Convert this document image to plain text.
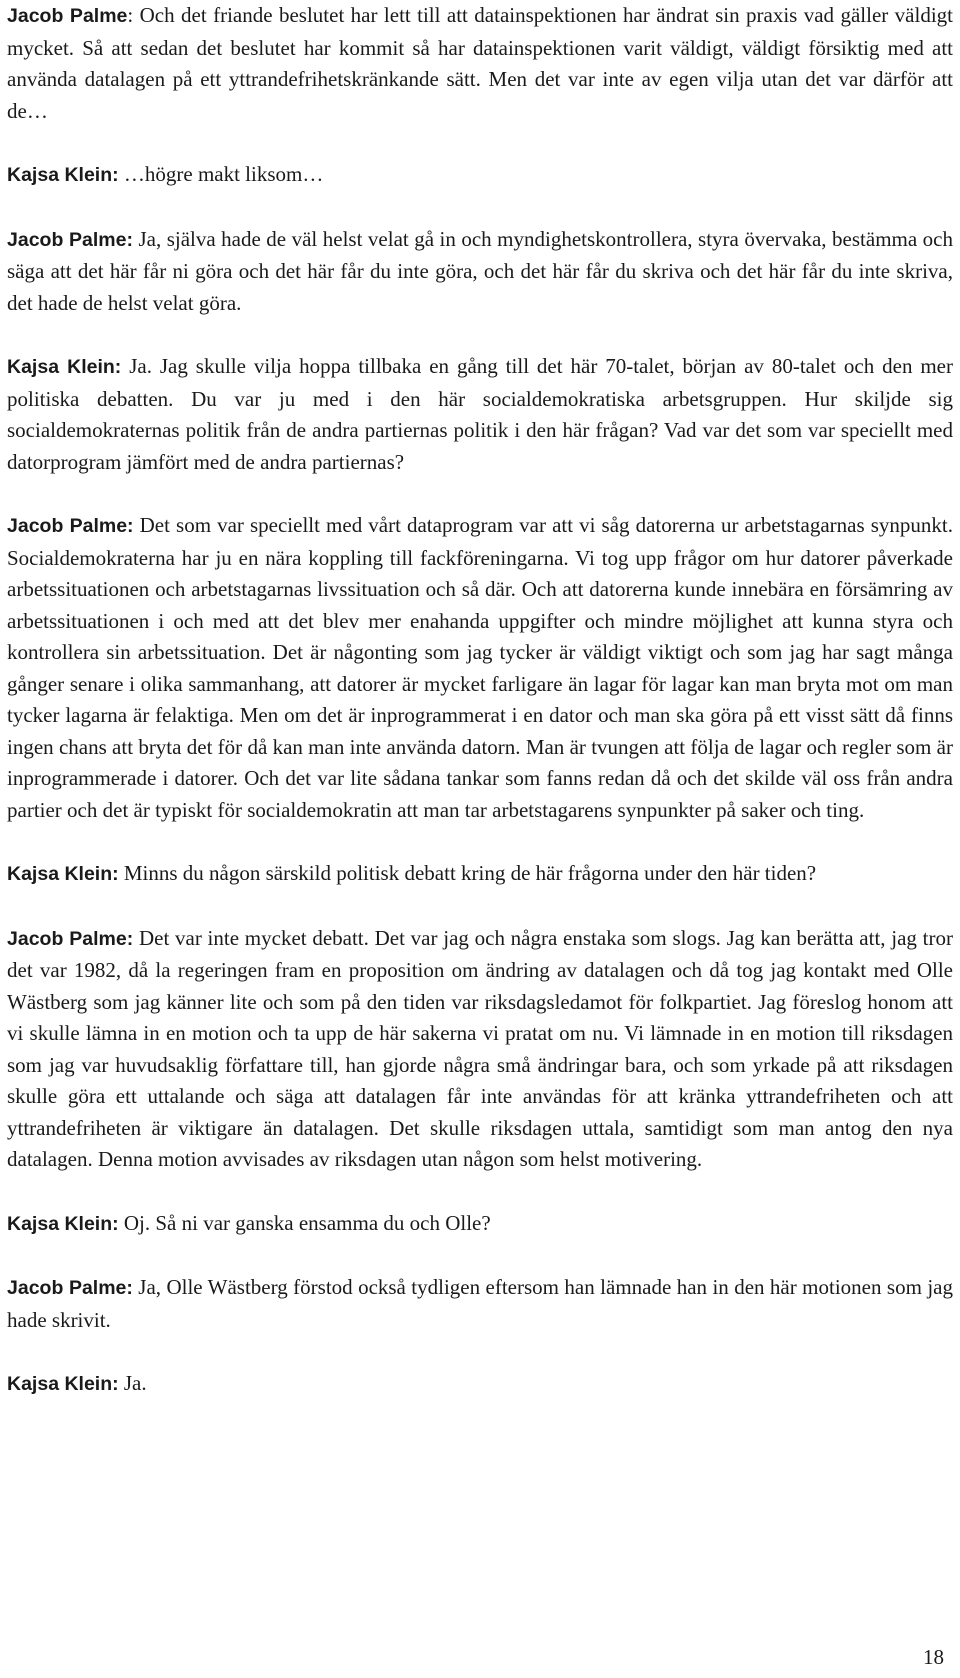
Jacob Palme: Och det friande beslutet har lett till att datainspektionen har ändrat sin praxis vad gäller väldigt mycket. Så att sedan det beslutet har kommit så har datainspektionen varit väldigt, väldigt försiktig med att använda datalagen på ett yttrandefrihetskränkande sätt. Men det var inte av egen vilja utan det var därför att de…

Kajsa Klein: …högre makt liksom…

Jacob Palme: Ja, själva hade de väl helst velat gå in och myndighetskontrollera, styra övervaka, bestämma och säga att det här får ni göra och det här får du inte göra, och det här får du skriva och det här får du inte skriva, det hade de helst velat göra.

Kajsa Klein: Ja. Jag skulle vilja hoppa tillbaka en gång till det här 70-talet, början av 80-talet och den mer politiska debatten. Du var ju med i den här socialdemokratiska arbetsgruppen. Hur skiljde sig socialdemokraternas politik från de andra partiernas politik i den här frågan? Vad var det som var speciellt med datorprogram jämfört med de andra partiernas?

Jacob Palme: Det som var speciellt med vårt dataprogram var att vi såg datorerna ur arbetstagarnas synpunkt. Socialdemokraterna har ju en nära koppling till fackföreningarna. Vi tog upp frågor om hur datorer påverkade arbetssituationen och arbetstagarnas livssituation och så där. Och att datorerna kunde innebära en försämring av arbetssituationen i och med att det blev mer enahanda uppgifter och mindre möjlighet att kunna styra och kontrollera sin arbetssituation. Det är någonting som jag tycker är väldigt viktigt och som jag har sagt många gånger senare i olika sammanhang, att datorer är mycket farligare än lagar för lagar kan man bryta mot om man tycker lagarna är felaktiga. Men om det är inprogrammerat i en dator och man ska göra på ett visst sätt då finns ingen chans att bryta det för då kan man inte använda datorn. Man är tvungen att följa de lagar och regler som är inprogrammerade i datorer. Och det var lite sådana tankar som fanns redan då och det skilde väl oss från andra partier och det är typiskt för socialdemokratin att man tar arbetstagarens synpunkter på saker och ting.

Kajsa Klein: Minns du någon särskild politisk debatt kring de här frågorna under den här tiden?

Jacob Palme: Det var inte mycket debatt. Det var jag och några enstaka som slogs. Jag kan berätta att, jag tror det var 1982, då la regeringen fram en proposition om ändring av datalagen och då tog jag kontakt med Olle Wästberg som jag känner lite och som på den tiden var riksdagsledamot för folkpartiet. Jag föreslog honom att vi skulle lämna in en motion och ta upp de här sakerna vi pratat om nu. Vi lämnade in en motion till riksdagen som jag var huvudsaklig författare till, han gjorde några små ändringar bara, och som yrkade på att riksdagen skulle göra ett uttalande och säga att datalagen får inte användas för att kränka yttrandefriheten och att yttrandefriheten är viktigare än datalagen. Det skulle riksdagen uttala, samtidigt som man antog den nya datalagen. Denna motion avvisades av riksdagen utan någon som helst motivering.

Kajsa Klein: Oj. Så ni var ganska ensamma du och Olle?

Jacob Palme: Ja, Olle Wästberg förstod också tydligen eftersom han lämnade han in den här motionen som jag hade skrivit.

Kajsa Klein: Ja.

18
